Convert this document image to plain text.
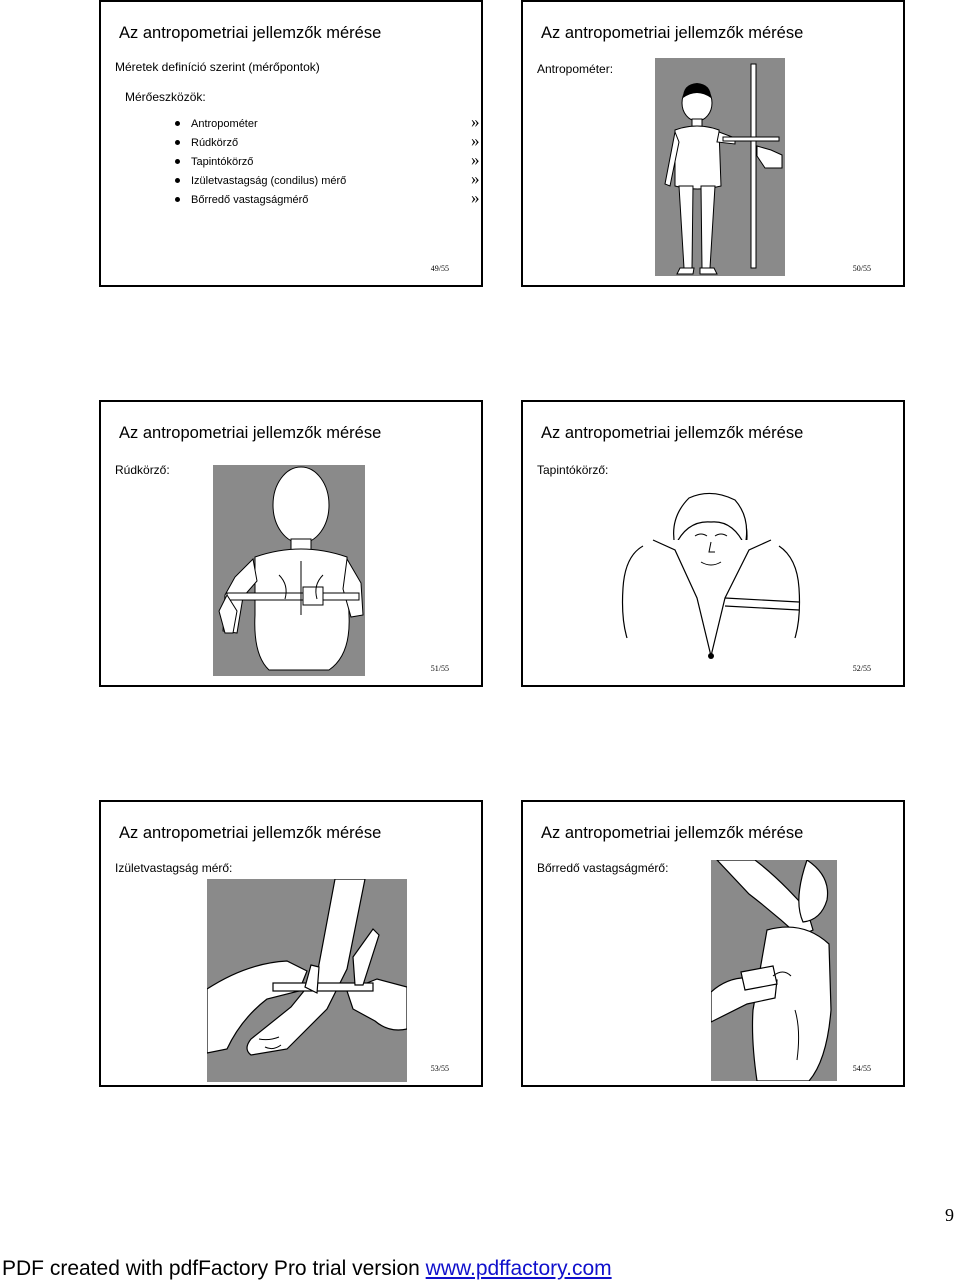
Az antropometriai jellemzők mérése
Méretek definíció szerint (mérőpontok)
Mérőeszközök:
Antropométer
Rúdkörző
Tapintókörző
Izületvastagság (condilus) mérő
Bőrredő vastagságmérő
»
»
»
»
»
49/55
Az antropometriai jellemzők mérése
Antropométer:
50/55
Az antropometriai jellemzők mérése
Rúdkörző:
51/55
Az antropometriai jellemzők mérése
Tapintókörző:
52/55
Az antropometriai jellemzők mérése
Izületvastagság mérő:
53/55
Az antropometriai jellemzők mérése
Bőrredő vastagságmérő:
54/55
9
PDF created with pdfFactory Pro trial version www.pdffactory.com
